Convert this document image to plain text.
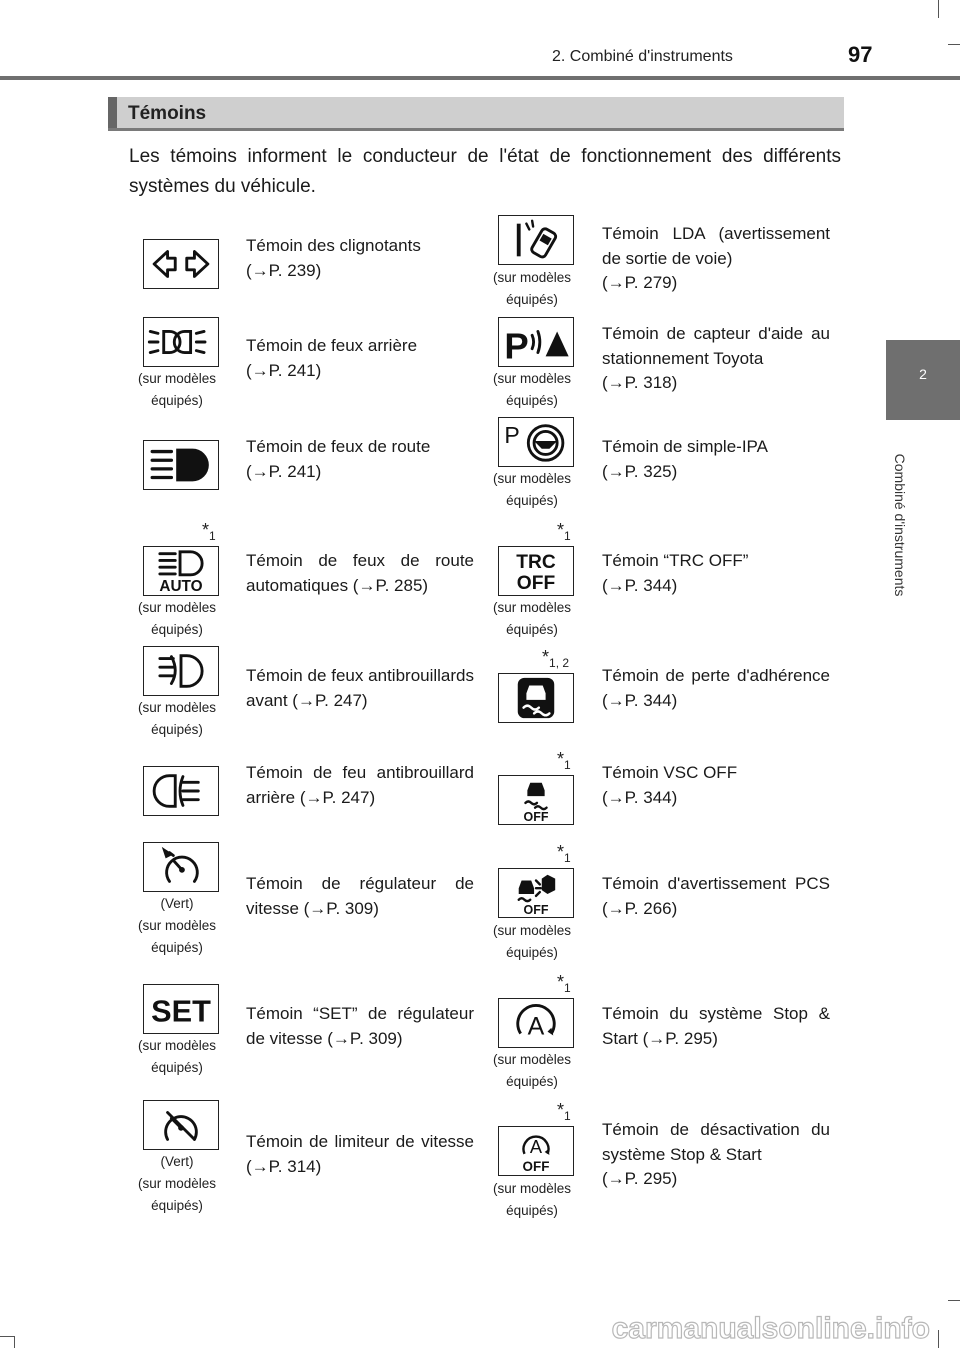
2. Combiné d'instruments	97
2
Combiné d'instruments
Témoins
Les témoins informent le conducteur de l'état de fonctionnement des différents systèmes du véhicule.
Témoin des clignotants
(→P. 239)
(sur modèles
équipés)
Témoin de feux arrière
(→P. 241)
Témoin de feux de route
(→P. 241)
$*_1$
AUTO
(sur modèles
équipés)
Témoin de feux de route automatiques (→P. 285)
(sur modèles
équipés)
Témoin de feux antibrouillards avant (→P. 247)
Témoin de feu antibrouillard arrière (→P. 247)
(Vert)
(sur modèles
équipés)
Témoin de régulateur de vitesse (→P. 309)
SET
(sur modèles
équipés)
Témoin “SET” de régulateur de vitesse (→P. 309)
(Vert)
(sur modèles
équipés)
Témoin de limiteur de vitesse (→P. 314)
(sur modèles
équipés)
Témoin LDA (avertissement de sortie de voie)
(→P. 279)
P
(sur modèles
équipés)
Témoin de capteur d'aide au stationnement Toyota
(→P. 318)
P
(sur modèles
équipés)
Témoin de simple-IPA
(→P. 325)
$*_1$
TRC
OFF
(sur modèles
équipés)
Témoin “TRC OFF”
(→P. 344)
$*_{1, 2}$
Témoin de perte d'adhérence (→P. 344)
$*_1$
OFF
Témoin VSC OFF
(→P. 344)
$*_1$
OFF
(sur modèles
équipés)
Témoin d'avertissement PCS (→P. 266)
$*_1$
A
(sur modèles
équipés)
Témoin du système Stop & Start (→P. 295)
$*_1$
A
OFF
(sur modèles
équipés)
Témoin de désactivation du système Stop & Start
(→P. 295)
carmanualsonline.info
